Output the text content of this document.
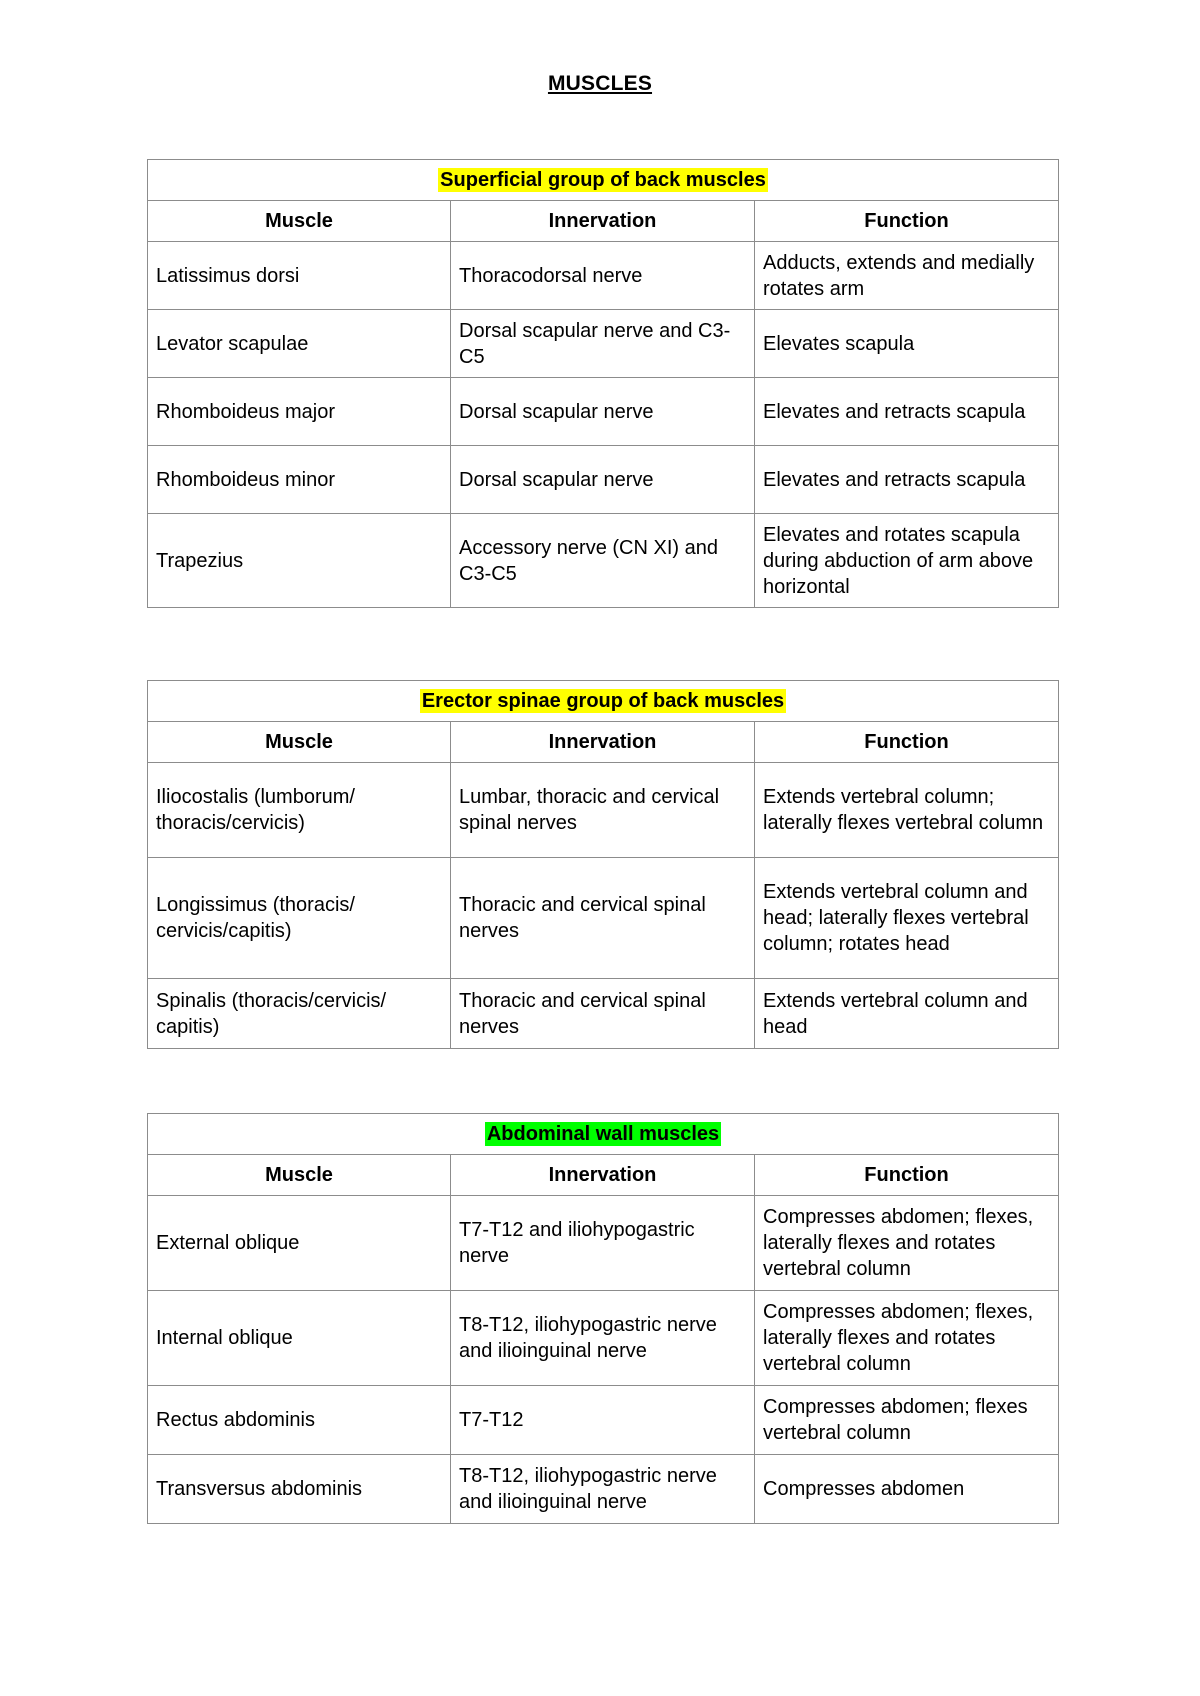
MUSCLES
Superficial group of back muscles		
Muscle	Innervation	Function
Latissimus dorsi	Thoracodorsal nerve	Adducts, extends and medially rotates arm
Levator scapulae	Dorsal scapular nerve and C3-C5	Elevates scapula
Rhomboideus major	Dorsal scapular nerve	Elevates and retracts scapula
Rhomboideus minor	Dorsal scapular nerve	Elevates and retracts scapula
Trapezius	Accessory nerve (CN XI) and C3-C5	Elevates and rotates scapula during abduction of arm above horizontal
Erector spinae group of back muscles		
Muscle	Innervation	Function
Iliocostalis (lumborum/ thoracis/cervicis)	Lumbar, thoracic and cervical spinal nerves	Extends vertebral column; laterally flexes vertebral column
Longissimus (thoracis/ cervicis/capitis)	Thoracic and cervical spinal nerves	Extends vertebral column and head; laterally flexes vertebral column; rotates head
Spinalis (thoracis/cervicis/ capitis)	Thoracic and cervical spinal nerves	Extends vertebral column and head
Abdominal wall muscles		
Muscle	Innervation	Function
External oblique	T7-T12 and iliohypogastric nerve	Compresses abdomen; flexes, laterally flexes and rotates vertebral column
Internal oblique	T8-T12, iliohypogastric nerve and ilioinguinal nerve	Compresses abdomen; flexes, laterally flexes and rotates vertebral column
Rectus abdominis	T7-T12	Compresses abdomen; flexes vertebral column
Transversus abdominis	T8-T12, iliohypogastric nerve and ilioinguinal nerve	Compresses abdomen
